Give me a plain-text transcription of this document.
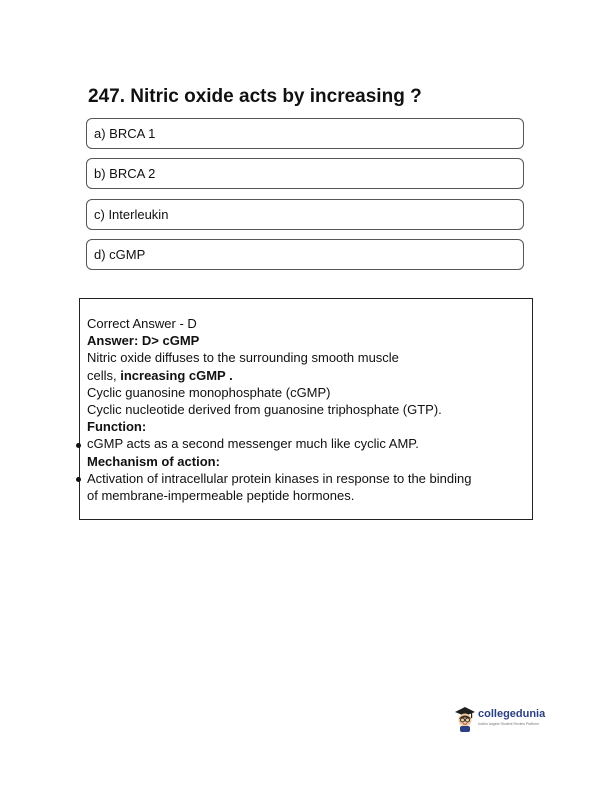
247. Nitric oxide acts by increasing ?
a) BRCA 1
b) BRCA 2
c) Interleukin
d) cGMP
Correct Answer - D
Answer: D> cGMP
Nitric oxide diffuses to the surrounding smooth muscle
cells, increasing cGMP .
Cyclic guanosine monophosphate (cGMP)
Cyclic nucleotide derived from guanosine triphosphate (GTP).
Function:
cGMP acts as a second messenger much like cyclic AMP.
Mechanism of action:
Activation of intracellular protein kinases in response to the binding
of membrane-impermeable peptide hormones.
collegedunia
India's largest Student Review Platform
